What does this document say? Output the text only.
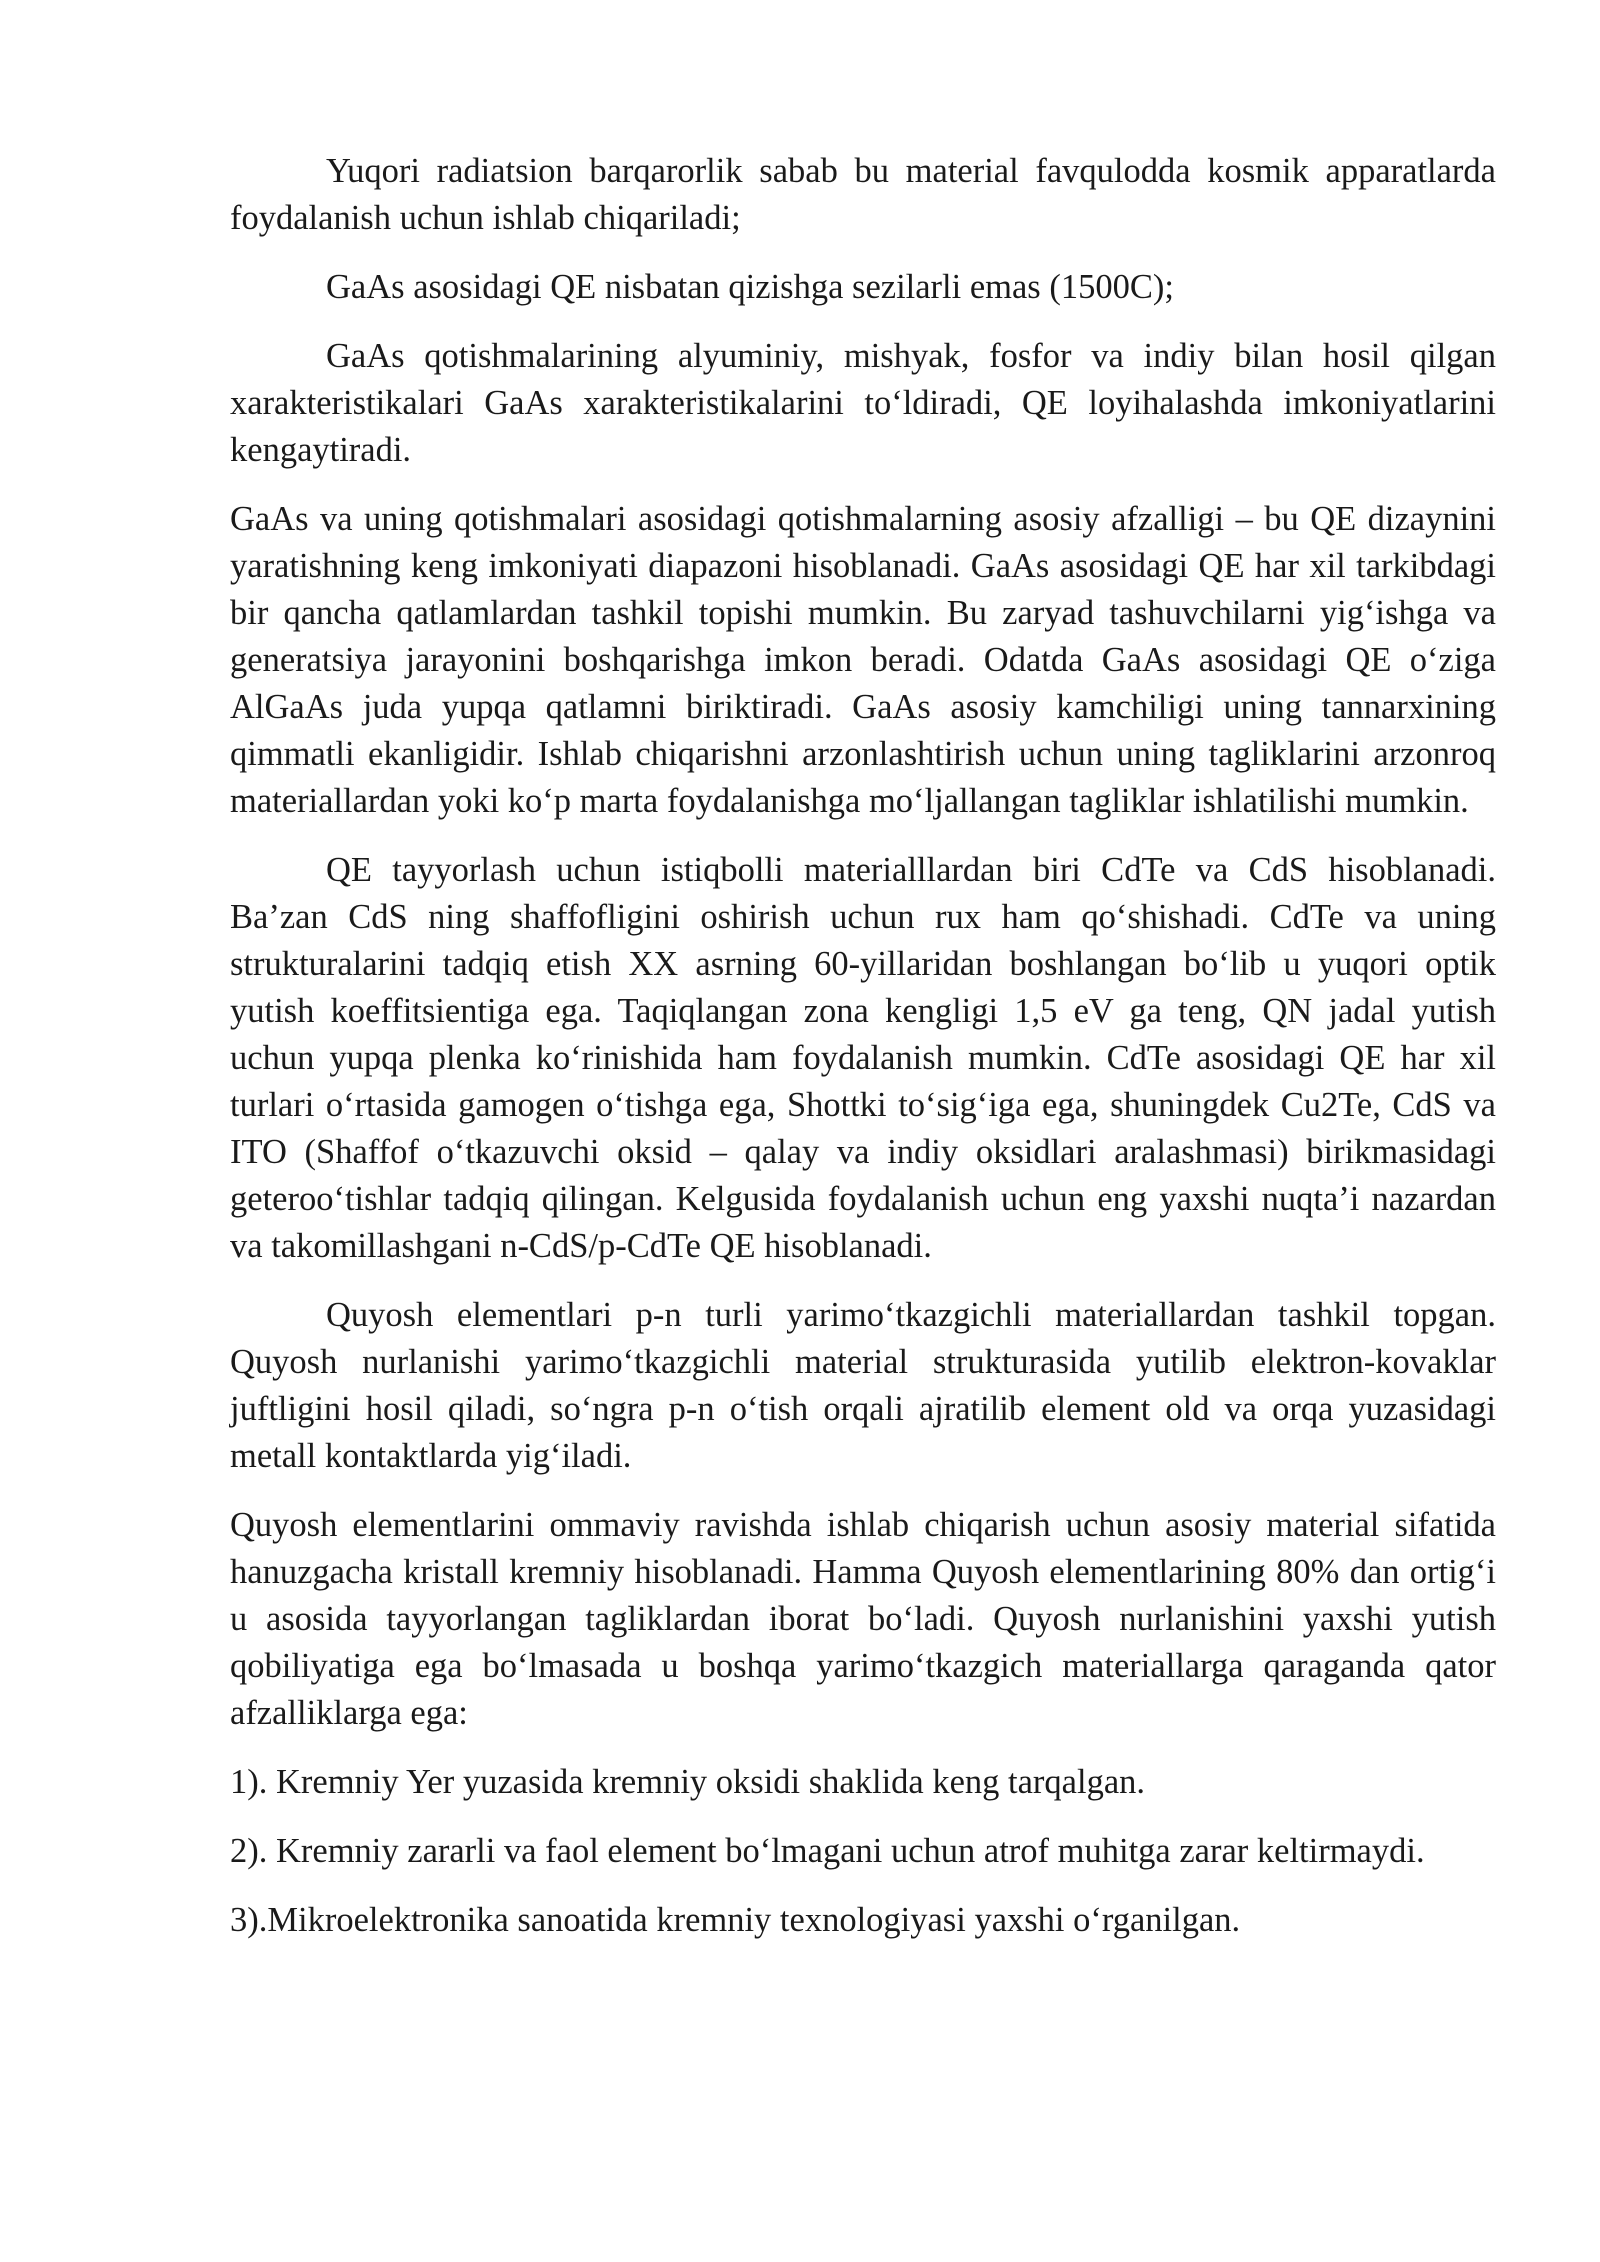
Yuqori radiatsion barqarorlik sabab bu material favqulodda kosmik apparatlarda foydalanish uchun ishlab chiqariladi;

GaAs asosidagi QE nisbatan qizishga sezilarli emas (1500C);

GaAs qotishmalarining alyuminiy, mishyak, fosfor va indiy bilan hosil qilgan xarakteristikalari GaAs xarakteristikalarini to‘ldiradi, QE loyihalashda imkoniyatlarini kengaytiradi.

GaAs va uning qotishmalari asosidagi qotishmalarning asosiy afzalligi – bu QE dizaynini yaratishning keng imkoniyati diapazoni hisoblanadi. GaAs asosidagi QE har xil tarkibdagi bir qancha qatlamlardan tashkil topishi mumkin. Bu zaryad tashuvchilarni yig‘ishga va generatsiya jarayonini boshqarishga imkon beradi. Odatda GaAs asosidagi QE o‘ziga AlGaAs juda yupqa qatlamni biriktiradi. GaAs asosiy kamchiligi uning tannarxining qimmatli ekanligidir. Ishlab chiqarishni arzonlashtirish uchun uning tagliklarini arzonroq materiallardan yoki ko‘p marta foydalanishga mo‘ljallangan tagliklar ishlatilishi mumkin.

QE tayyorlash uchun istiqbolli materialllardan biri CdTe va CdS hisoblanadi. Ba’zan CdS ning shaffofligini oshirish uchun rux ham qo‘shishadi. CdTe va uning strukturalarini tadqiq etish XX asrning 60-yillaridan boshlangan bo‘lib u yuqori optik yutish koeffitsientiga ega. Taqiqlangan zona kengligi 1,5 eV ga teng, QN jadal yutish uchun yupqa plenka ko‘rinishida ham foydalanish mumkin. CdTe asosidagi QE har xil turlari o‘rtasida gamogen o‘tishga ega, Shottki to‘sig‘iga ega, shuningdek Cu2Te, CdS va ITO (Shaffof o‘tkazuvchi oksid – qalay va indiy oksidlari aralashmasi) birikmasidagi geteroo‘tishlar tadqiq qilingan. Kelgusida foydalanish uchun eng yaxshi nuqta’i nazardan va takomillashgani n-CdS/p-CdTe QE hisoblanadi.

Quyosh elementlari p-n turli yarimo‘tkazgichli materiallardan tashkil topgan. Quyosh nurlanishi yarimo‘tkazgichli material strukturasida yutilib elektron-kovaklar juftligini hosil qiladi, so‘ngra p-n o‘tish orqali ajratilib element old va orqa yuzasidagi metall kontaktlarda yig‘iladi.

Quyosh elementlarini ommaviy ravishda ishlab chiqarish uchun asosiy material sifatida hanuzgacha kristall kremniy hisoblanadi. Hamma Quyosh elementlarining 80% dan ortig‘i u asosida tayyorlangan tagliklardan iborat bo‘ladi. Quyosh nurlanishini yaxshi yutish qobiliyatiga ega bo‘lmasada u boshqa yarimo‘tkazgich materiallarga qaraganda qator afzalliklarga ega:

1). Kremniy Yer yuzasida kremniy oksidi shaklida keng tarqalgan.

2). Kremniy zararli va faol element bo‘lmagani uchun atrof muhitga zarar keltirmaydi.

3).Mikroelektronika sanoatida kremniy texnologiyasi yaxshi o‘rganilgan.
